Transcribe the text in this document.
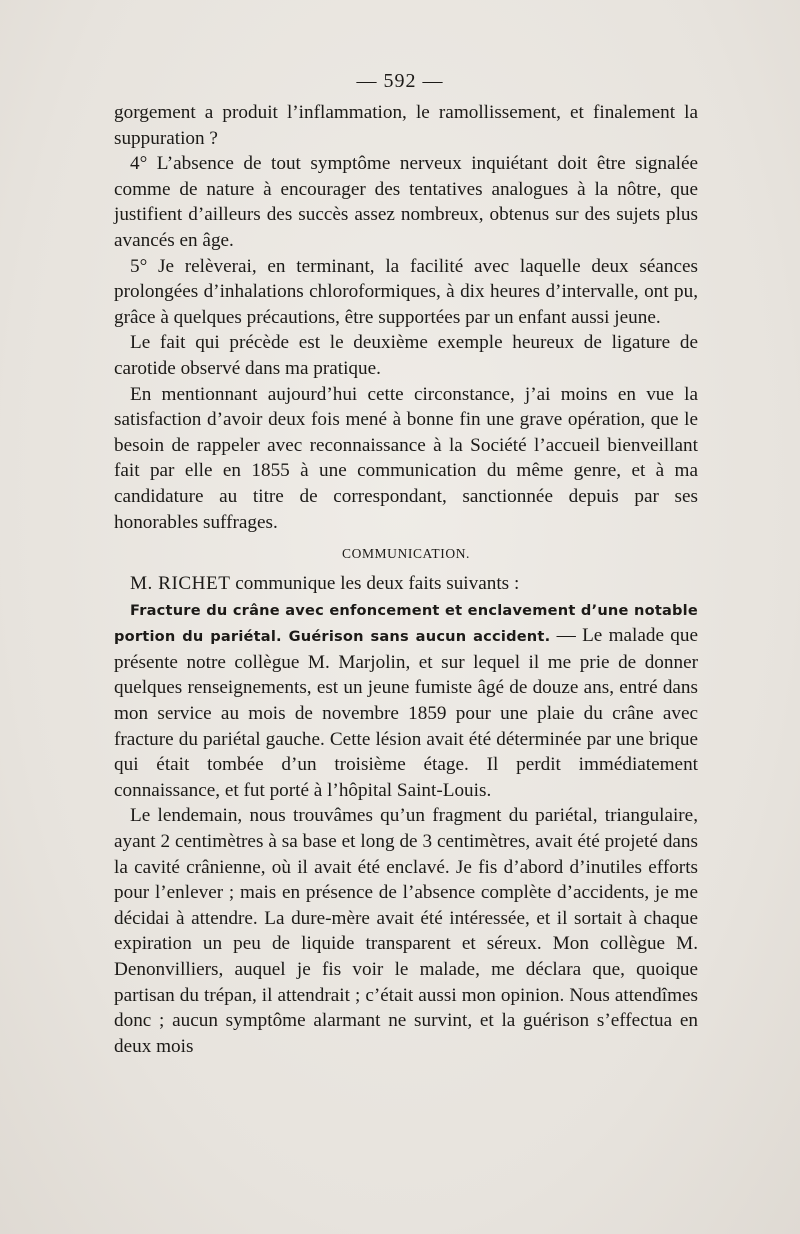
— 592 —

gorgement a produit l’inflammation, le ramollissement, et finalement la suppuration ?

4° L’absence de tout symptôme nerveux inquiétant doit être signalée comme de nature à encourager des tentatives analogues à la nôtre, que justifient d’ailleurs des succès assez nombreux, obtenus sur des sujets plus avancés en âge.

5° Je relèverai, en terminant, la facilité avec laquelle deux séances prolongées d’inhalations chloroformiques, à dix heures d’intervalle, ont pu, grâce à quelques précautions, être supportées par un enfant aussi jeune.

Le fait qui précède est le deuxième exemple heureux de ligature de carotide observé dans ma pratique.

En mentionnant aujourd’hui cette circonstance, j’ai moins en vue la satisfaction d’avoir deux fois mené à bonne fin une grave opération, que le besoin de rappeler avec reconnaissance à la Société l’accueil bienveillant fait par elle en 1855 à une communication du même genre, et à ma candidature au titre de correspondant, sanctionnée depuis par ses honorables suffrages.

COMMUNICATION.

M. RICHET communique les deux faits suivants :

Fracture du crâne avec enfoncement et enclavement d’une notable portion du pariétal. Guérison sans aucun accident. — Le malade que présente notre collègue M. Marjolin, et sur lequel il me prie de donner quelques renseignements, est un jeune fumiste âgé de douze ans, entré dans mon service au mois de novembre 1859 pour une plaie du crâne avec fracture du pariétal gauche. Cette lésion avait été déterminée par une brique qui était tombée d’un troisième étage. Il perdit immédiatement connaissance, et fut porté à l’hôpital Saint-Louis.

Le lendemain, nous trouvâmes qu’un fragment du pariétal, triangulaire, ayant 2 centimètres à sa base et long de 3 centimètres, avait été projeté dans la cavité crânienne, où il avait été enclavé. Je fis d’abord d’inutiles efforts pour l’enlever ; mais en présence de l’absence complète d’accidents, je me décidai à attendre. La dure-mère avait été intéressée, et il sortait à chaque expiration un peu de liquide transparent et séreux. Mon collègue M. Denonvilliers, auquel je fis voir le malade, me déclara que, quoique partisan du trépan, il attendrait ; c’était aussi mon opinion. Nous attendîmes donc ; aucun symptôme alarmant ne survint, et la guérison s’effectua en deux mois
